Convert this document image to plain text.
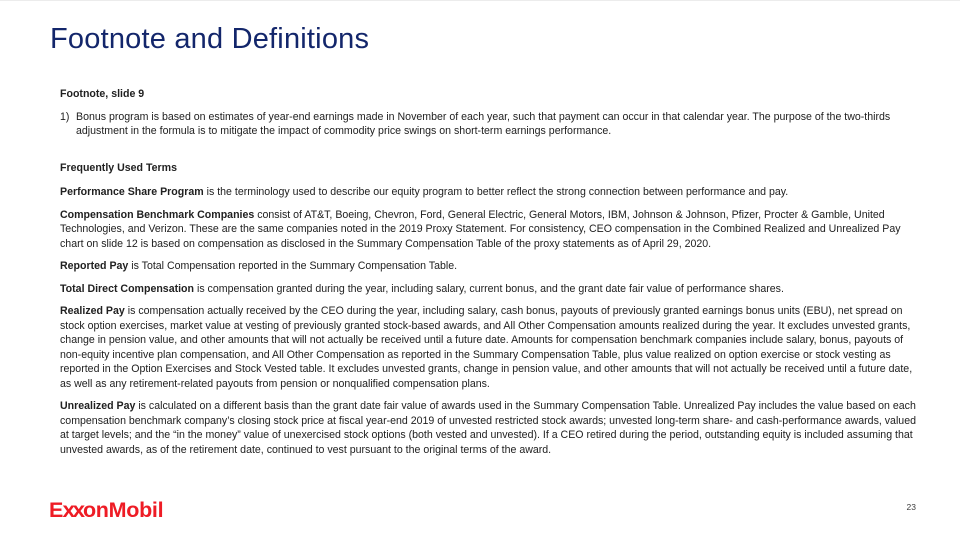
Footnote and Definitions

Footnote, slide 9

1) Bonus program is based on estimates of year-end earnings made in November of each year, such that payment can occur in that calendar year. The purpose of the two-thirds adjustment in the formula is to mitigate the impact of commodity price swings on short-term earnings performance.

Frequently Used Terms

Performance Share Program is the terminology used to describe our equity program to better reflect the strong connection between performance and pay.

Compensation Benchmark Companies consist of AT&T, Boeing, Chevron, Ford, General Electric, General Motors, IBM, Johnson & Johnson, Pfizer, Procter & Gamble, United Technologies, and Verizon. These are the same companies noted in the 2019 Proxy Statement. For consistency, CEO compensation in the Combined Realized and Unrealized Pay chart on slide 12 is based on compensation as disclosed in the Summary Compensation Table of the proxy statements as of April 29, 2020.

Reported Pay is Total Compensation reported in the Summary Compensation Table.

Total Direct Compensation is compensation granted during the year, including salary, current bonus, and the grant date fair value of performance shares.

Realized Pay is compensation actually received by the CEO during the year, including salary, cash bonus, payouts of previously granted earnings bonus units (EBU), net spread on stock option exercises, market value at vesting of previously granted stock-based awards, and All Other Compensation amounts realized during the year. It excludes unvested grants, change in pension value, and other amounts that will not actually be received until a future date. Amounts for compensation benchmark companies include salary, bonus, payouts of non-equity incentive plan compensation, and All Other Compensation as reported in the Summary Compensation Table, plus value realized on option exercise or stock vesting as reported in the Option Exercises and Stock Vested table. It excludes unvested grants, change in pension value, and other amounts that will not actually be received until a future date, as well as any retirement-related payouts from pension or nonqualified compensation plans.

Unrealized Pay is calculated on a different basis than the grant date fair value of awards used in the Summary Compensation Table. Unrealized Pay includes the value based on each compensation benchmark company’s closing stock price at fiscal year-end 2019 of unvested restricted stock awards; unvested long-term share- and cash-performance awards, valued at target levels; and the “in the money” value of unexercised stock options (both vested and unvested). If a CEO retired during the period, outstanding equity is included assuming that unvested awards, as of the retirement date, continued to vest pursuant to the original terms of the award.

ExxonMobil	23
